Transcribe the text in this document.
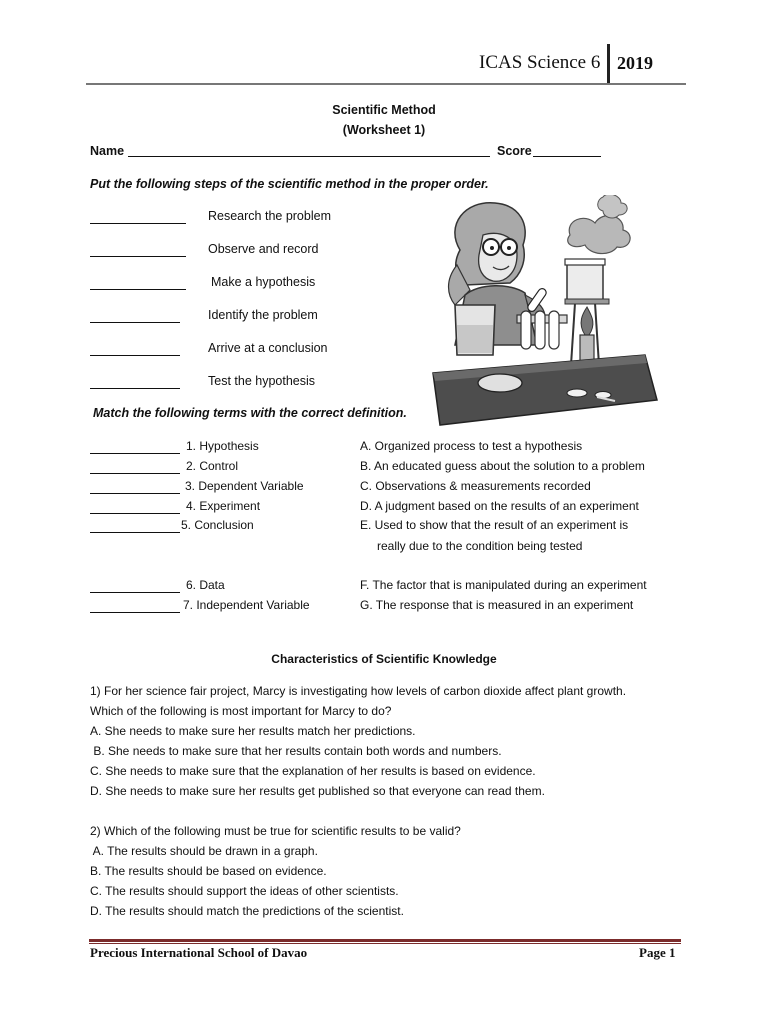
ICAS Science 6 2019
Scientific Method
(Worksheet 1)
Name	Score
Put the following steps of the scientific method in the proper order.
Research the problem
Observe and record
Make a hypothesis
Identify the problem
Arrive at a conclusion
Test the hypothesis
Match the following terms with the correct definition.
1. Hypothesis
2. Control
3. Dependent Variable
4. Experiment
5. Conclusion
6. Data
7. Independent Variable
A. Organized process to test a hypothesis
B. An educated guess about the solution to a problem
C. Observations & measurements recorded
D. A judgment based on the results of an experiment
E. Used to show that the result of an experiment is
really due to the condition being tested
F. The factor that is manipulated during an experiment
G. The response that is measured in an experiment
Characteristics of Scientific Knowledge
1) For her science fair project, Marcy is investigating how levels of carbon dioxide affect plant growth.
Which of the following is most important for Marcy to do?
A. She needs to make sure her results match her predictions.
B. She needs to make sure that her results contain both words and numbers.
C. She needs to make sure that the explanation of her results is based on evidence.
D. She needs to make sure her results get published so that everyone can read them.
2) Which of the following must be true for scientific results to be valid?
A. The results should be drawn in a graph.
B. The results should be based on evidence.
C. The results should support the ideas of other scientists.
D. The results should match the predictions of the scientist.
Precious International School of Davao	Page 1
